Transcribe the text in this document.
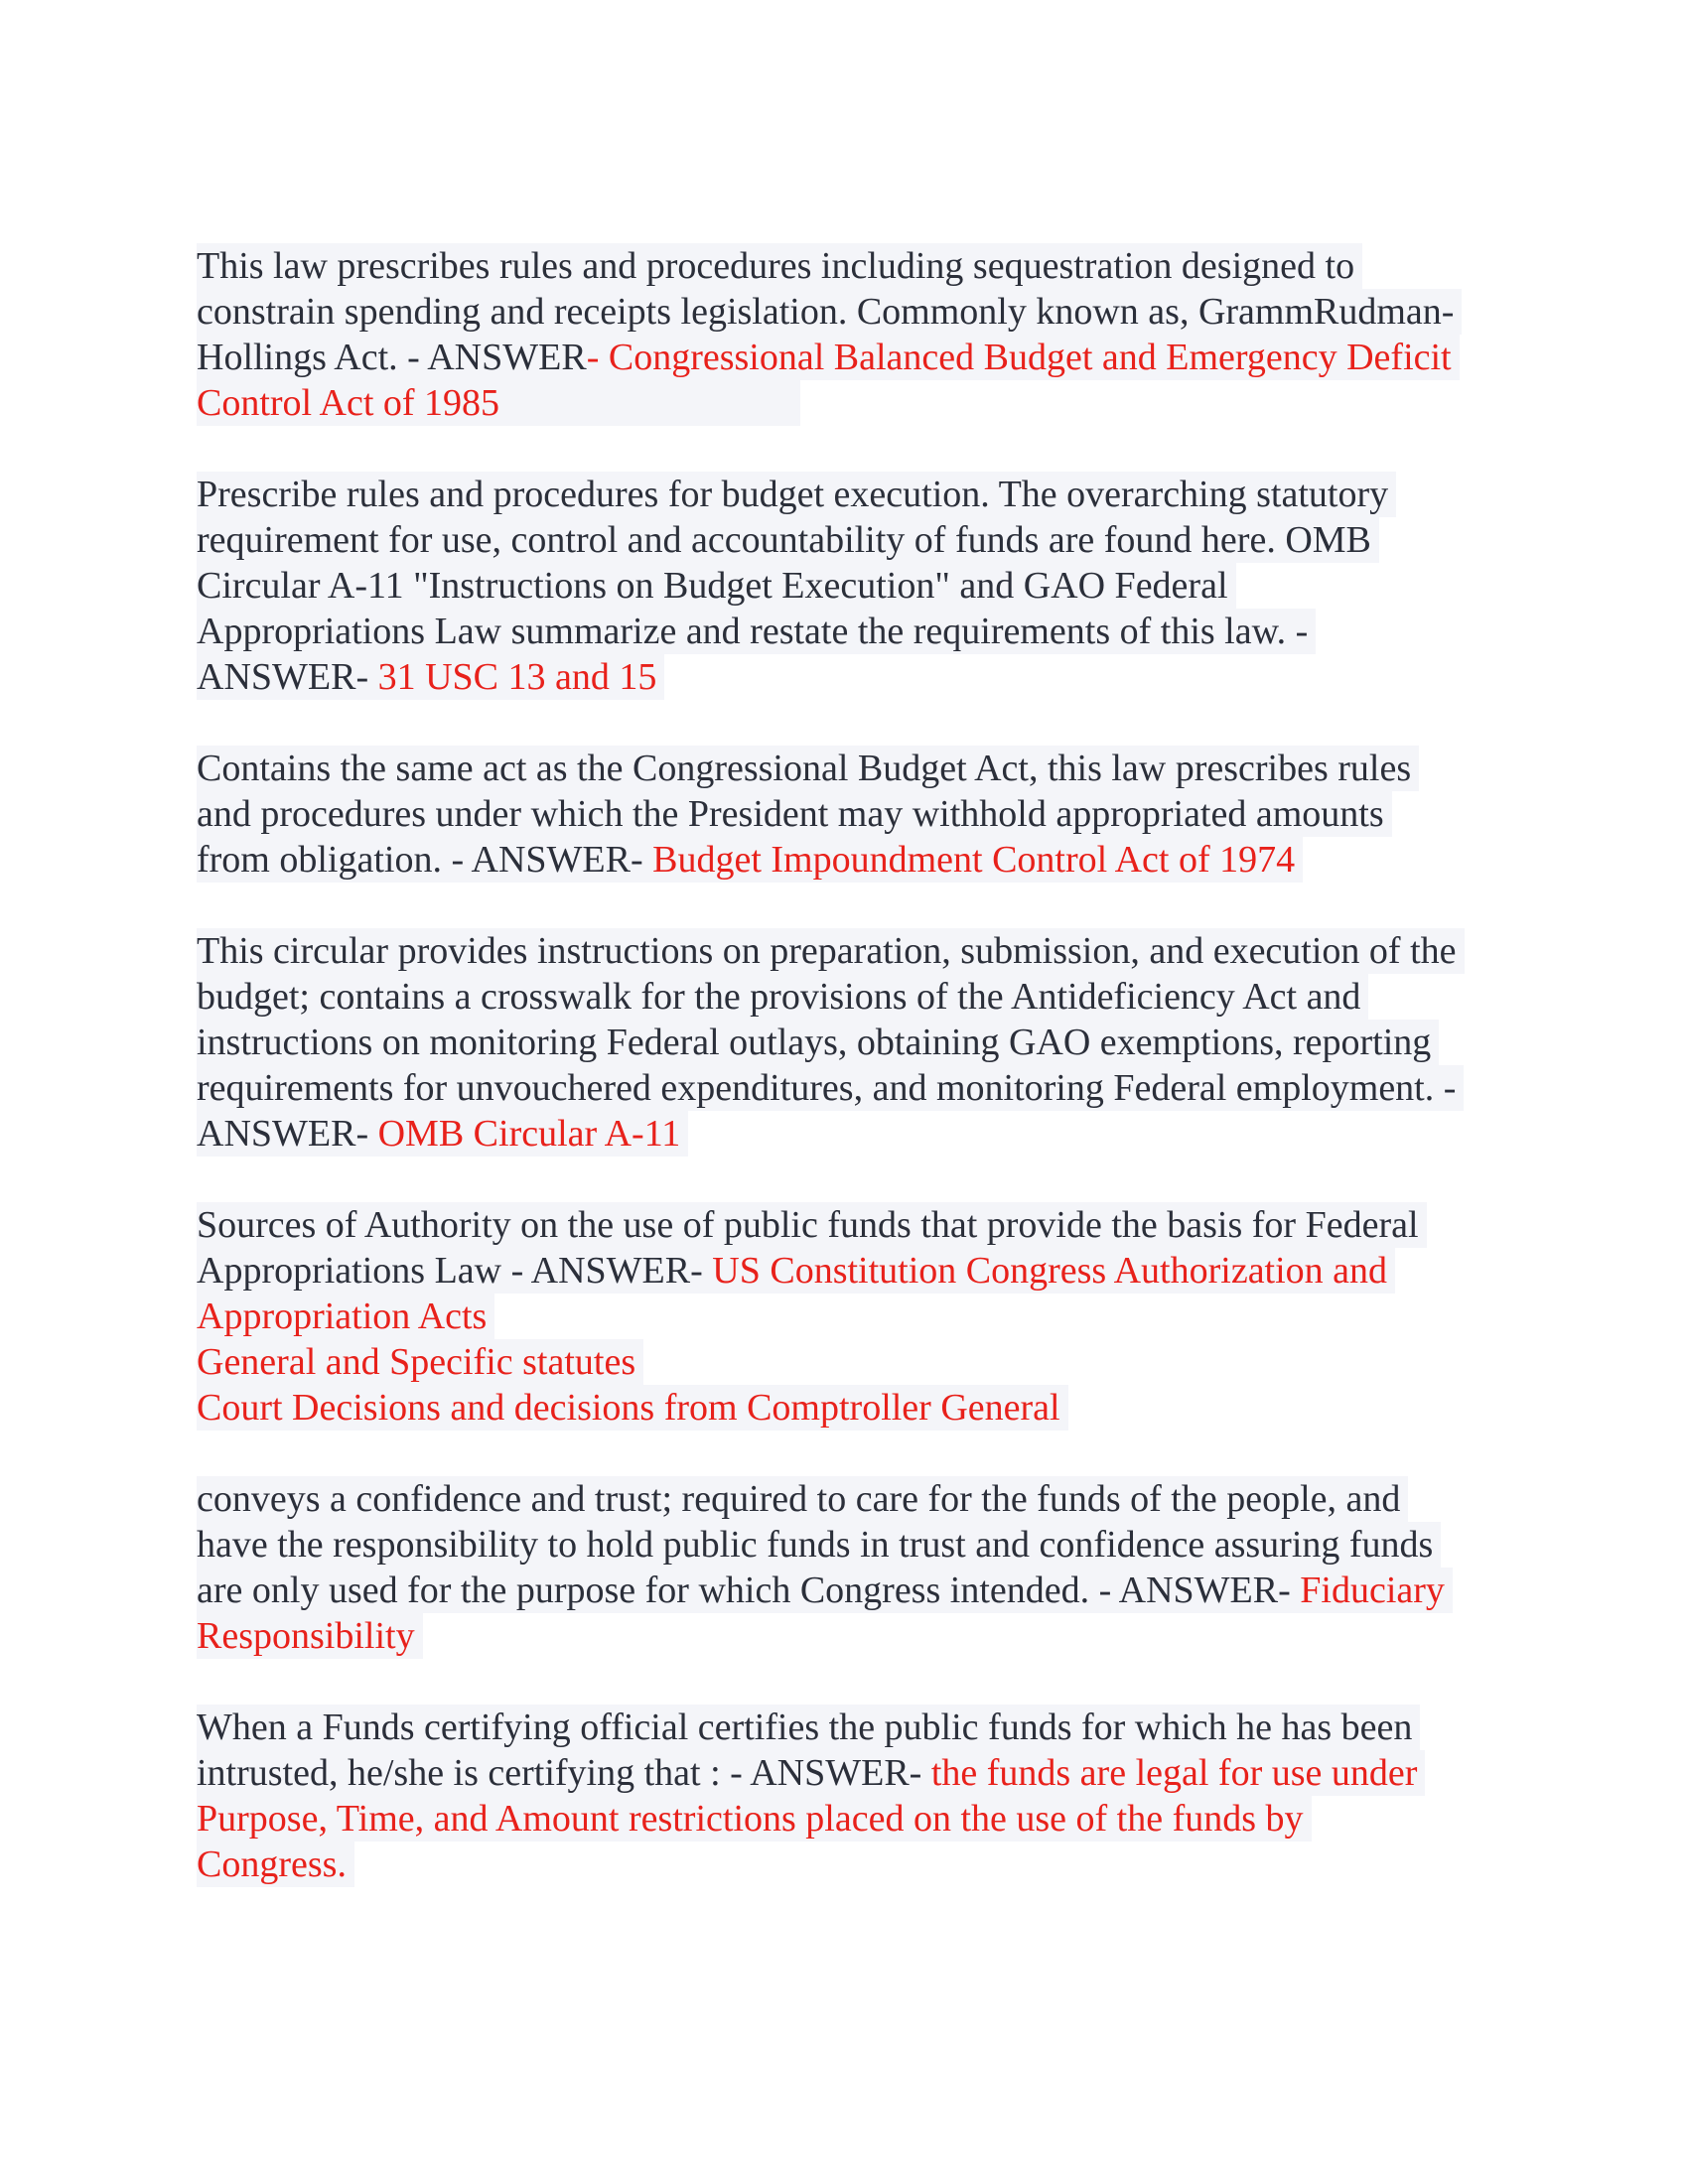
This law prescribes rules and procedures including sequestration designed to
constrain spending and receipts legislation. Commonly known as, GrammRudman-
Hollings Act. - ANSWER- Congressional Balanced Budget and Emergency Deficit
Control Act of 1985
Prescribe rules and procedures for budget execution. The overarching statutory
requirement for use, control and accountability of funds are found here. OMB
Circular A-11 "Instructions on Budget Execution" and GAO Federal
Appropriations Law summarize and restate the requirements of this law. -
ANSWER- 31 USC 13 and 15
Contains the same act as the Congressional Budget Act, this law prescribes rules
and procedures under which the President may withhold appropriated amounts
from obligation. - ANSWER- Budget Impoundment Control Act of 1974
This circular provides instructions on preparation, submission, and execution of the
budget; contains a crosswalk for the provisions of the Antideficiency Act and
instructions on monitoring Federal outlays, obtaining GAO exemptions, reporting
requirements for unvouchered expenditures, and monitoring Federal employment. -
ANSWER- OMB Circular A-11
Sources of Authority on the use of public funds that provide the basis for Federal
Appropriations Law - ANSWER- US Constitution Congress Authorization and
Appropriation Acts
General and Specific statutes
Court Decisions and decisions from Comptroller General
conveys a confidence and trust; required to care for the funds of the people, and
have the responsibility to hold public funds in trust and confidence assuring funds
are only used for the purpose for which Congress intended. - ANSWER- Fiduciary
Responsibility
When a Funds certifying official certifies the public funds for which he has been
intrusted, he/she is certifying that : - ANSWER- the funds are legal for use under
Purpose, Time, and Amount restrictions placed on the use of the funds by
Congress.
